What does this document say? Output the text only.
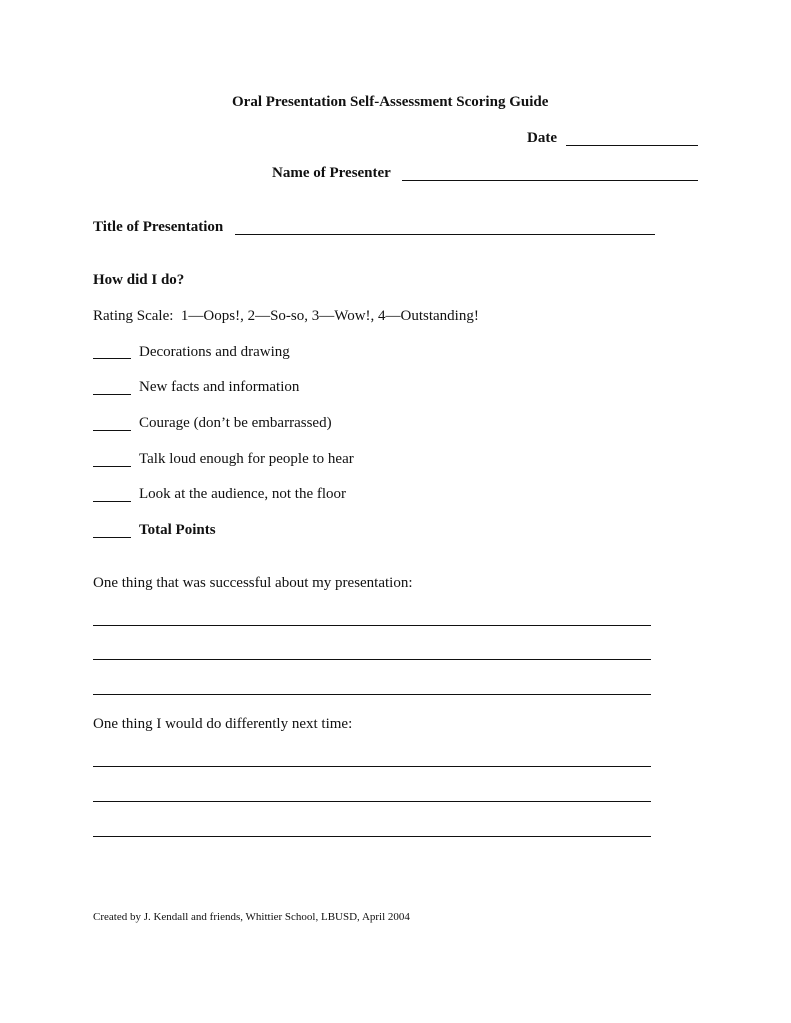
Oral Presentation Self-Assessment Scoring Guide
Date
Name of Presenter
Title of Presentation
How did I do?
Rating Scale:  1—Oops!, 2—So-so, 3—Wow!, 4—Outstanding!
Decorations and drawing
New facts and information
Courage (don’t be embarrassed)
Talk loud enough for people to hear
Look at the audience, not the floor
Total Points
One thing that was successful about my presentation:
One thing I would do differently next time:
Created by J. Kendall and friends, Whittier School, LBUSD, April 2004
